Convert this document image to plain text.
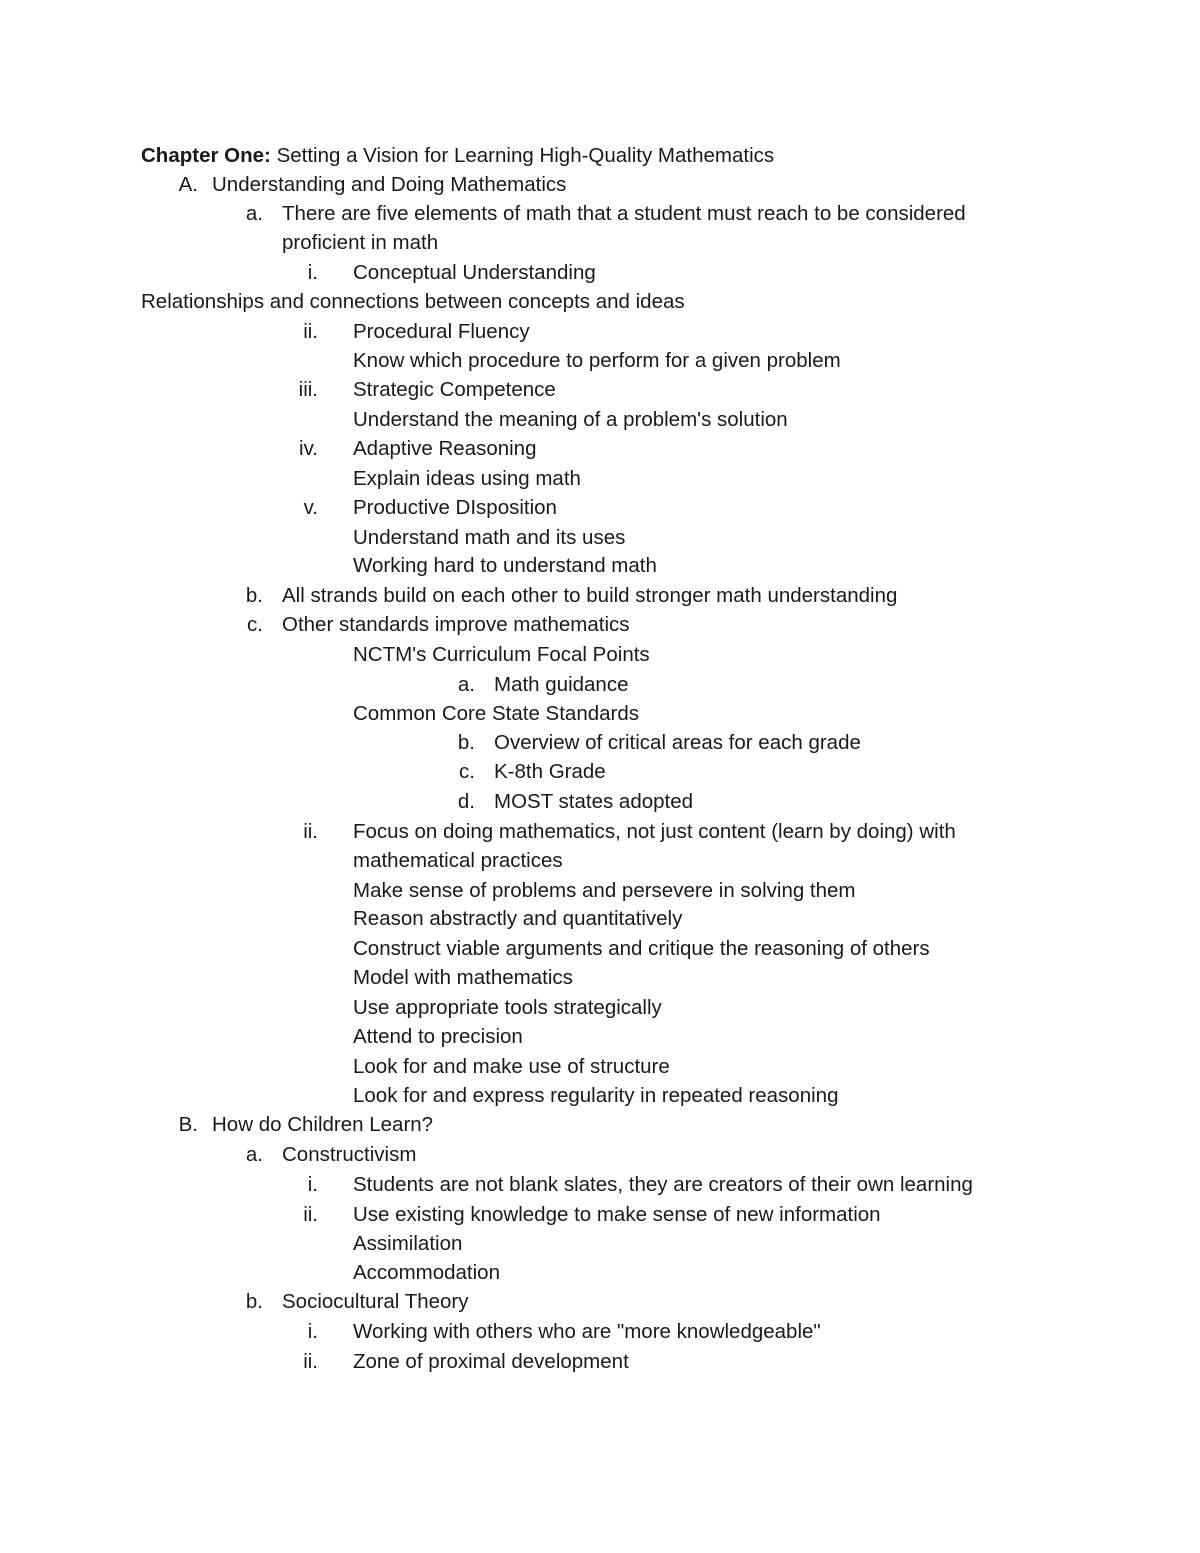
Chapter One: Setting a Vision for Learning High-Quality Mathematics
A. Understanding and Doing Mathematics
a. There are five elements of math that a student must reach to be considered
proficient in math
i. Conceptual Understanding
Relationships and connections between concepts and ideas
ii. Procedural Fluency
Know which procedure to perform for a given problem
iii. Strategic Competence
Understand the meaning of a problem's solution
iv. Adaptive Reasoning
Explain ideas using math
v. Productive DIsposition
Understand math and its uses
Working hard to understand math
b. All strands build on each other to build stronger math understanding
c. Other standards improve mathematics
NCTM's Curriculum Focal Points
a. Math guidance
Common Core State Standards
b. Overview of critical areas for each grade
c. K-8th Grade
d. MOST states adopted
ii. Focus on doing mathematics, not just content (learn by doing) with
mathematical practices
Make sense of problems and persevere in solving them
Reason abstractly and quantitatively
Construct viable arguments and critique the reasoning of others
Model with mathematics
Use appropriate tools strategically
Attend to precision
Look for and make use of structure
Look for and express regularity in repeated reasoning
B. How do Children Learn?
a. Constructivism
i. Students are not blank slates, they are creators of their own learning
ii. Use existing knowledge to make sense of new information
Assimilation
Accommodation
b. Sociocultural Theory
i. Working with others who are "more knowledgeable"
ii. Zone of proximal development
